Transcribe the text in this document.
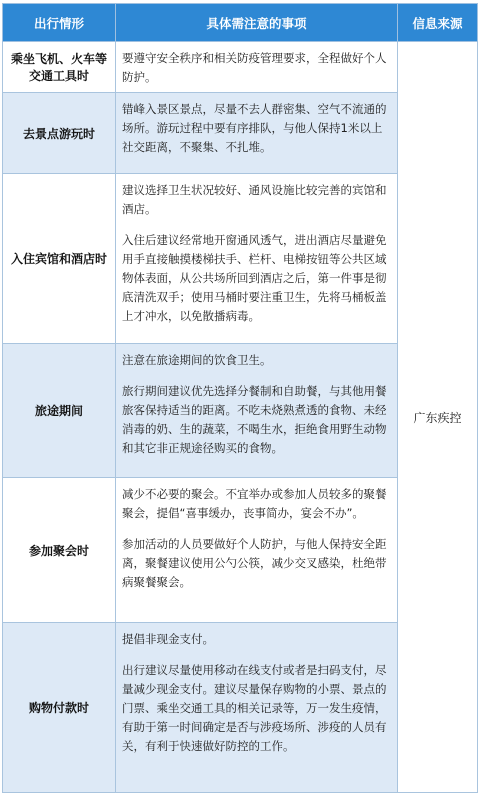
出行情形	具体需注意的事项	信息来源
乘坐飞机、火车等交通工具时	要遵守安全秩序和相关防疫管理要求，全程做好个人防护。	广东疾控
去景点游玩时	错峰入景区景点，尽量不去人群密集、空气不流通的场所。游玩过程中要有序排队，与他人保持1米以上社交距离，不聚集、不扎堆。	

入住宾馆和酒店时	建议选择卫生状况较好、通风设施比较完善的宾馆和酒店。

入住后建议经常地开窗通风透气，进出酒店尽量避免用手直接触摸楼梯扶手、栏杆、电梯按钮等公共区域物体表面，从公共场所回到酒店之后，第一件事是彻底清洗双手；使用马桶时要注重卫生，先将马桶板盖上才冲水，以免散播病毒。	

旅途期间	注意在旅途期间的饮食卫生。

旅行期间建议优先选择分餐制和自助餐，与其他用餐旅客保持适当的距离。不吃未烧熟煮透的食物、未经消毒的奶、生的蔬菜，不喝生水，拒绝食用野生动物和其它非正规途径购买的食物。	

参加聚会时	减少不必要的聚会。不宜举办或参加人员较多的聚餐聚会，提倡“喜事缓办，丧事简办，宴会不办”。

参加活动的人员要做好个人防护，与他人保持安全距离，聚餐建议使用公勺公筷，减少交叉感染，杜绝带病聚餐聚会。	

购物付款时	提倡非现金支付。

出行建议尽量使用移动在线支付或者是扫码支付，尽量减少现金支付。建议尽量保存购物的小票、景点的门票、乘坐交通工具的相关记录等，万一发生疫情，有助于第一时间确定是否与涉疫场所、涉疫的人员有关，有利于快速做好防控的工作。	
